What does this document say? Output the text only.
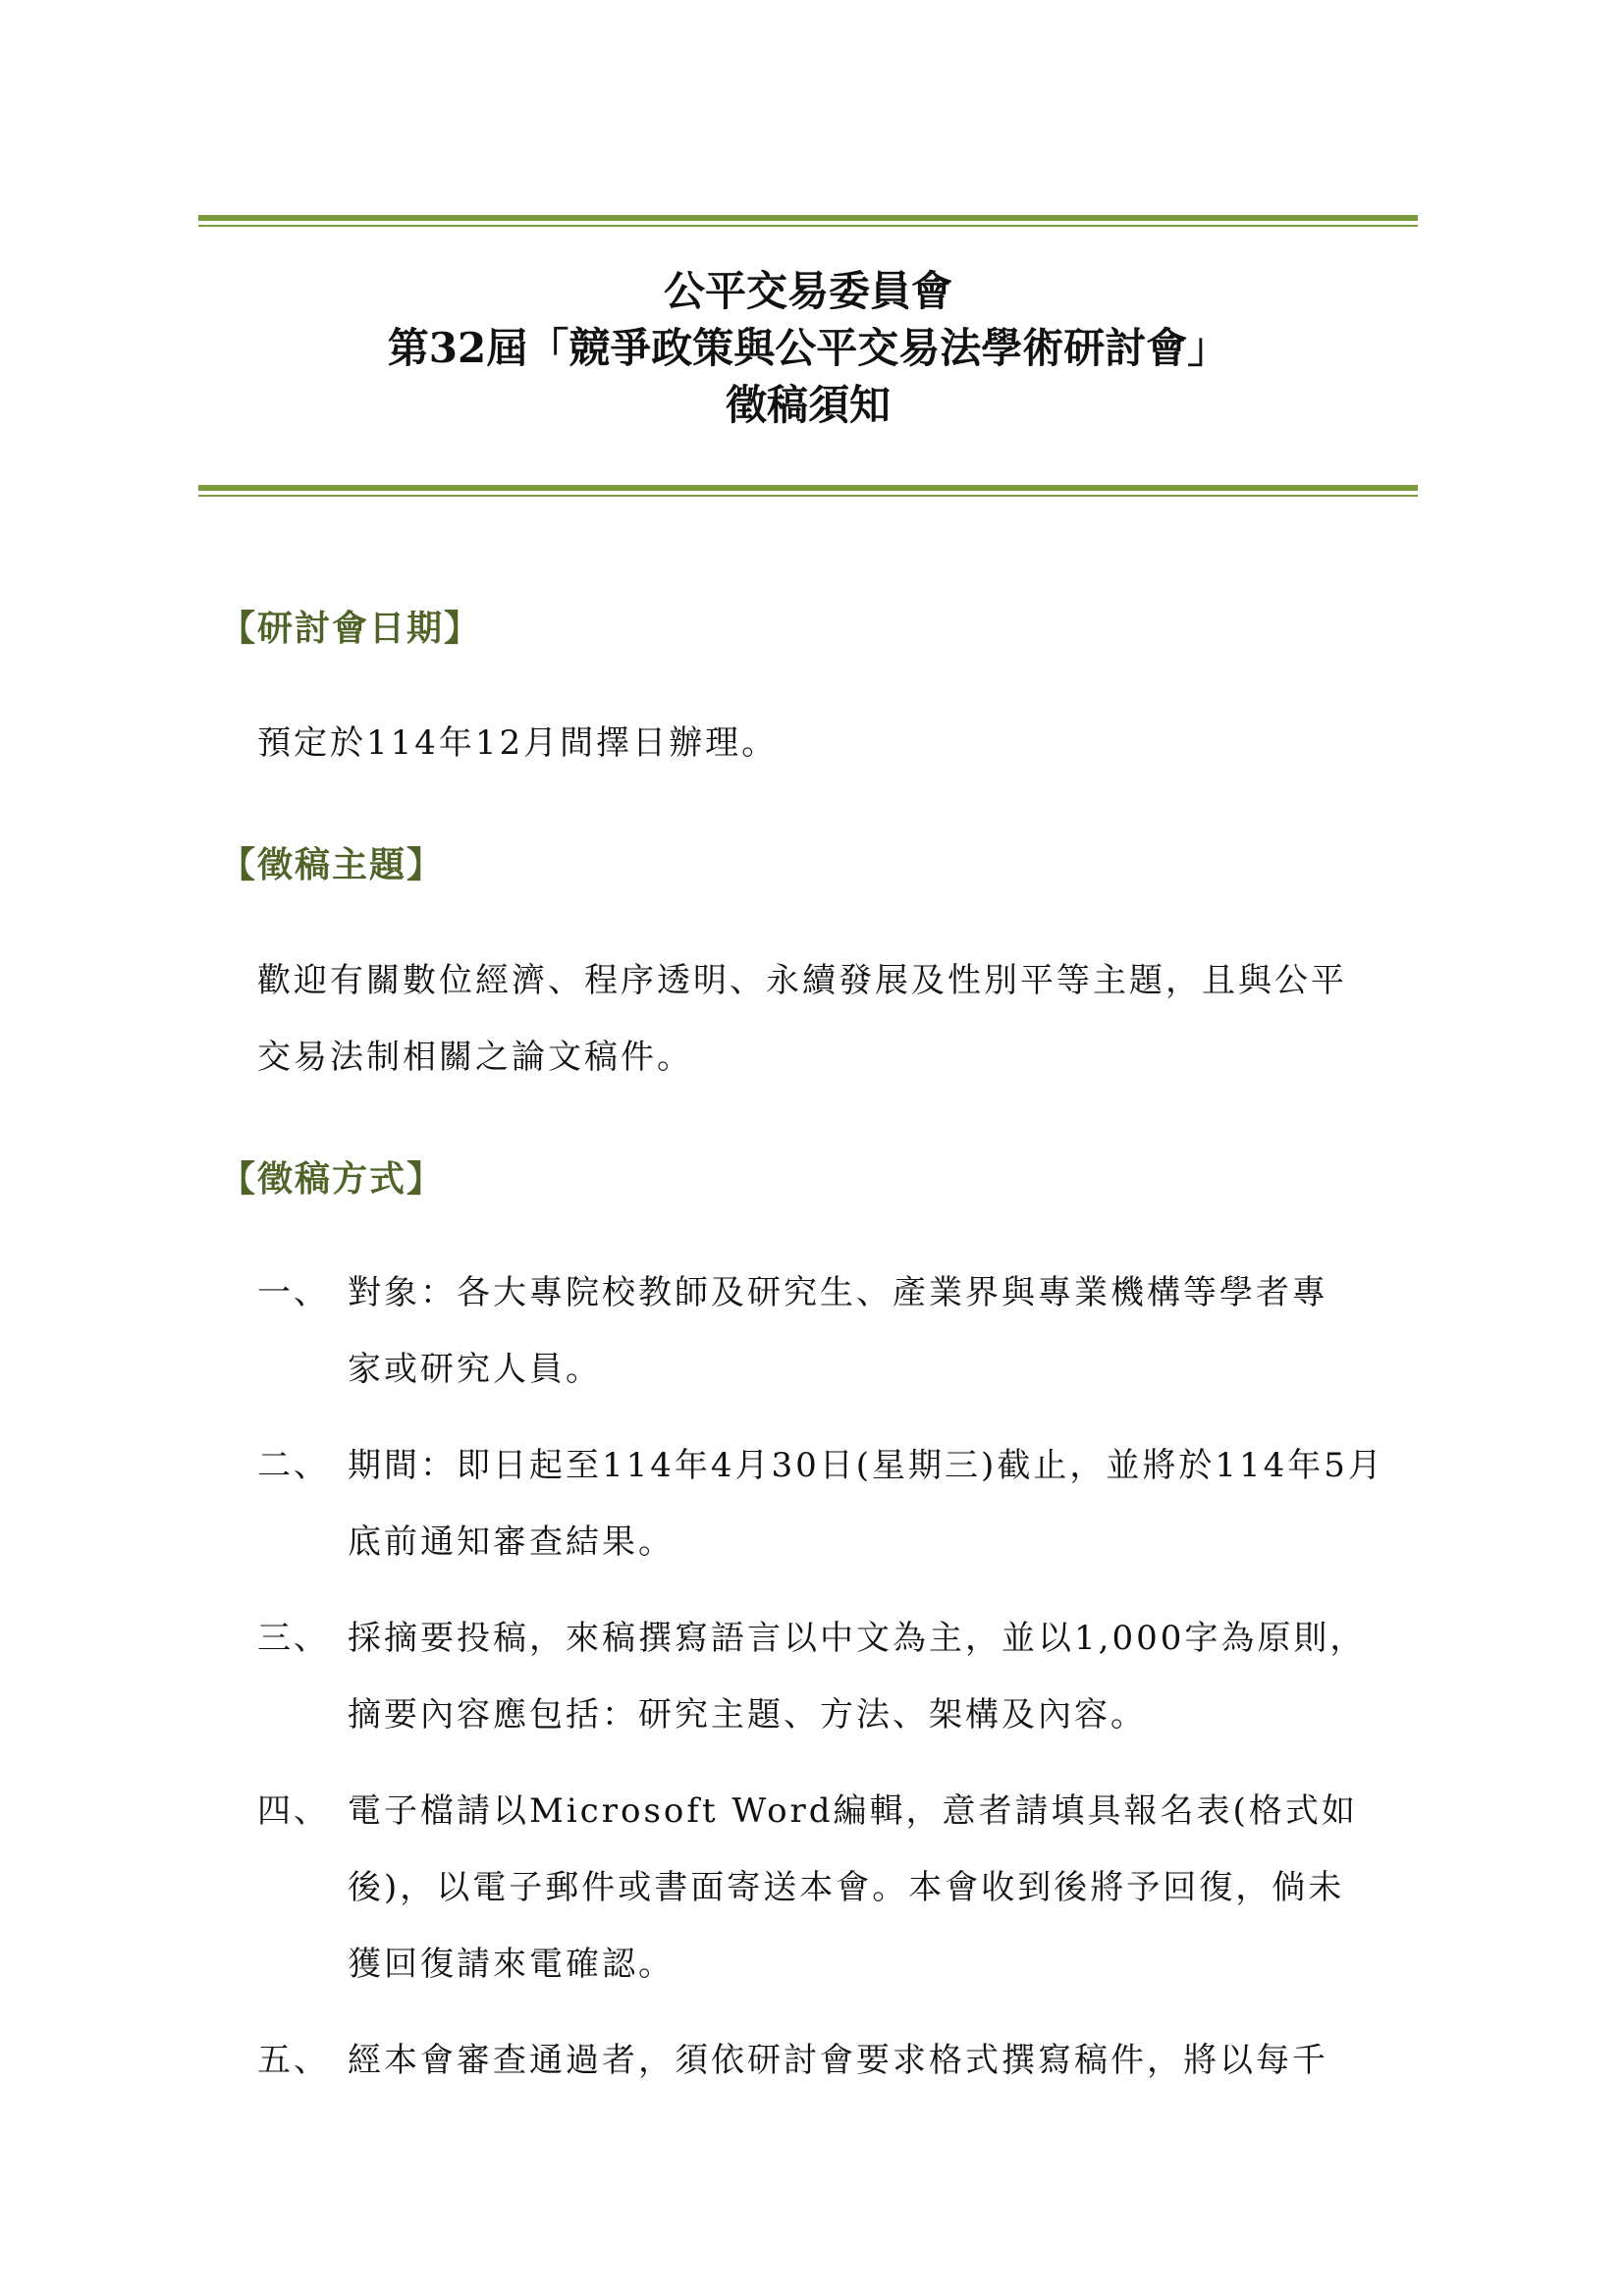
公平交易委員會
第32屆「競爭政策與公平交易法學術研討會」
徵稿須知
【研討會日期】
預定於114年12月間擇日辦理。
【徵稿主題】
歡迎有關數位經濟、程序透明、永續發展及性別平等主題，且與公平
交易法制相關之論文稿件。
【徵稿方式】
一、 對象：各大專院校教師及研究生、產業界與專業機構等學者專
家或研究人員。
二、 期間：即日起至114年4月30日(星期三)截止，並將於114年5月
底前通知審查結果。
三、 採摘要投稿，來稿撰寫語言以中文為主，並以1,000字為原則，
摘要內容應包括：研究主題、方法、架構及內容。
四、 電子檔請以Microsoft Word編輯，意者請填具報名表(格式如
後)，以電子郵件或書面寄送本會。本會收到後將予回復，倘未
獲回復請來電確認。
五、 經本會審查通過者，須依研討會要求格式撰寫稿件，將以每千
